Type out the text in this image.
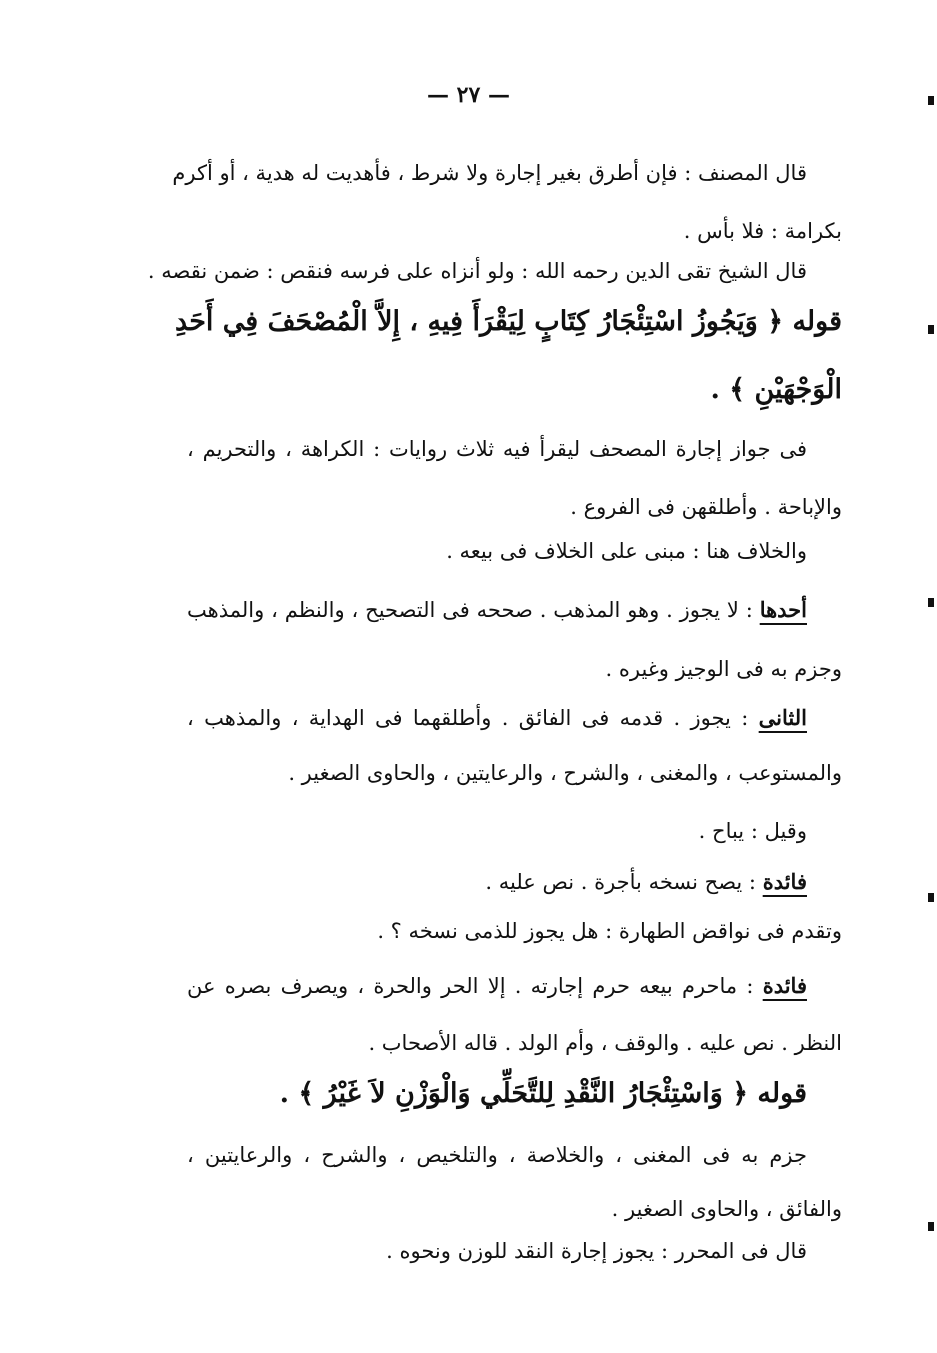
— ٢٧ —
قال المصنف : فإن أطرق بغير إجارة ولا شرط ، فأهديت له هدية ، أو أكرم
بكرامة : فلا بأس .
قال الشيخ تقى الدين رحمه الله : ولو أنزاه على فرسه فنقص : ضمن نقصه .
قوله ﴿ وَيَجُوزُ اسْتِئْجَارُ كِتَابٍ لِيَقْرَأَ فِيهِ ، إِلاَّ الْمُصْحَفَ فِي أَحَدِ
الْوَجْهَيْنِ ﴾ .
فى جواز إجارة المصحف ليقرأ فيه ثلاث روايات : الكراهة ، والتحريم ،
والإباحة . وأطلقهن فى الفروع .
والخلاف هنا : مبنى على الخلاف فى بيعه .
أحدها : لا يجوز . وهو المذهب . صححه فى التصحيح ، والنظم ، والمذهب
وجزم به فى الوجيز وغيره .
الثانى : يجوز . قدمه فى الفائق . وأطلقهما فى الهداية ، والمذهب ،
والمستوعب ، والمغنى ، والشرح ، والرعايتين ، والحاوى الصغير .
وقيل : يباح .
فائدة : يصح نسخه بأجرة . نص عليه .
وتقدم فى نواقض الطهارة : هل يجوز للذمى نسخه ؟ .
فائدة : ماحرم بيعه حرم إجارته . إلا الحر والحرة ، ويصرف بصره عن
النظر . نص عليه . والوقف ، وأم الولد . قاله الأصحاب .
قوله ﴿ وَاسْتِئْجَارُ النَّقْدِ لِلتَّحَلِّي وَالْوَزْنِ لاَ غَيْرُ ﴾ .
جزم به فى المغنى ، والخلاصة ، والتلخيص ، والشرح ، والرعايتين ،
والفائق ، والحاوى الصغير .
قال فى المحرر : يجوز إجارة النقد للوزن ونحوه .
